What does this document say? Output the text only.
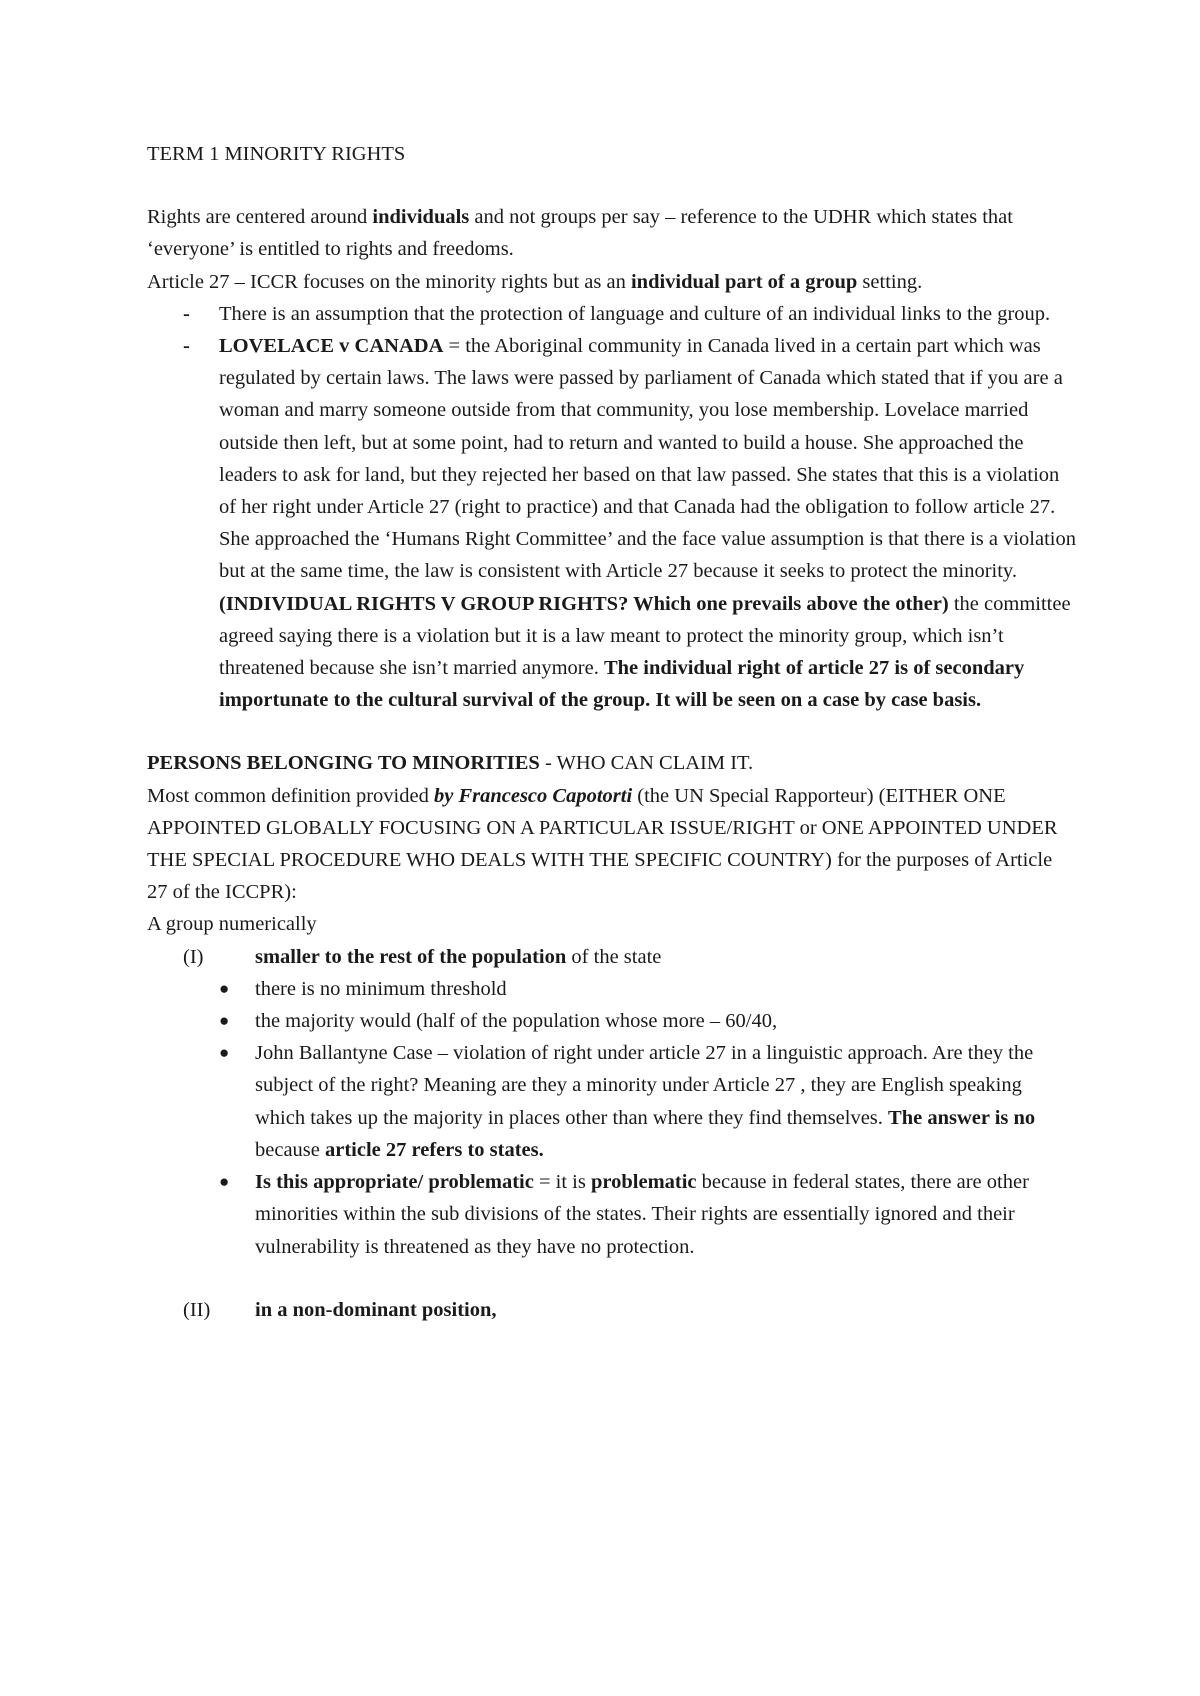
TERM 1 MINORITY RIGHTS

Rights are centered around individuals and not groups per say – reference to the UDHR which states that ‘everyone’ is entitled to rights and freedoms.

Article 27 – ICCR focuses on the minority rights but as an individual part of a group setting.

- There is an assumption that the protection of language and culture of an individual links to the group.
- LOVELACE v CANADA = the Aboriginal community in Canada lived in a certain part which was regulated by certain laws. The laws were passed by parliament of Canada which stated that if you are a woman and marry someone outside from that community, you lose membership. Lovelace married outside then left, but at some point, had to return and wanted to build a house. She approached the leaders to ask for land, but they rejected her based on that law passed. She states that this is a violation of her right under Article 27 (right to practice) and that Canada had the obligation to follow article 27. She approached the ‘Humans Right Committee’ and the face value assumption is that there is a violation but at the same time, the law is consistent with Article 27 because it seeks to protect the minority. (INDIVIDUAL RIGHTS V GROUP RIGHTS? Which one prevails above the other) the committee agreed saying there is a violation but it is a law meant to protect the minority group, which isn’t threatened because she isn’t married anymore. The individual right of article 27 is of secondary importunate to the cultural survival of the group. It will be seen on a case by case basis.

PERSONS BELONGING TO MINORITIES - WHO CAN CLAIM IT.

Most common definition provided by Francesco Capotorti (the UN Special Rapporteur) (EITHER ONE APPOINTED GLOBALLY FOCUSING ON A PARTICULAR ISSUE/RIGHT or ONE APPOINTED UNDER THE SPECIAL PROCEDURE WHO DEALS WITH THE SPECIFIC COUNTRY) for the purposes of Article 27 of the ICCPR):

A group numerically

(I)	smaller to the rest of the population of the state
● there is no minimum threshold
● the majority would (half of the population whose more – 60/40,
● John Ballantyne Case – violation of right under article 27 in a linguistic approach. Are they the subject of the right? Meaning are they a minority under Article 27 , they are English speaking which takes up the majority in places other than where they find themselves. The answer is no because article 27 refers to states.
● Is this appropriate/ problematic = it is problematic because in federal states, there are other minorities within the sub divisions of the states. Their rights are essentially ignored and their vulnerability is threatened as they have no protection.
(II) in a non-dominant position,
